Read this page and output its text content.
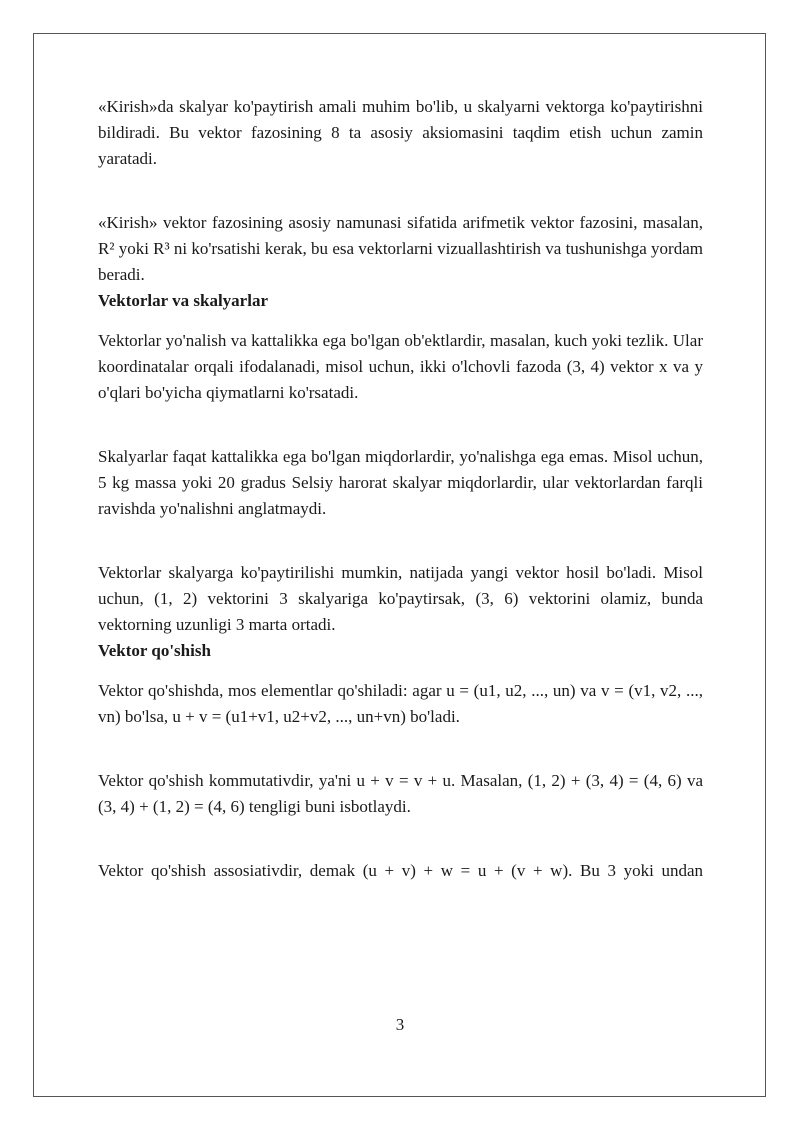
«Kirish»da skalyar ko'paytirish amali muhim bo'lib, u skalyarni vektorga ko'paytirishni bildiradi. Bu vektor fazosining 8 ta asosiy aksiomasini taqdim etish uchun zamin yaratadi.

«Kirish» vektor fazosining asosiy namunasi sifatida arifmetik vektor fazosini, masalan, R² yoki R³ ni ko'rsatishi kerak, bu esa vektorlarni vizuallashtirish va tushunishga yordam beradi.

Vektorlar va skalyarlar

Vektorlar yo'nalish va kattalikka ega bo'lgan ob'ektlardir, masalan, kuch yoki tezlik. Ular koordinatalar orqali ifodalanadi, misol uchun, ikki o'lchovli fazoda (3, 4) vektor x va y o'qlari bo'yicha qiymatlarni ko'rsatadi.

Skalyarlar faqat kattalikka ega bo'lgan miqdorlardir, yo'nalishga ega emas. Misol uchun, 5 kg massa yoki 20 gradus Selsiy harorat skalyar miqdorlardir, ular vektorlardan farqli ravishda yo'nalishni anglatmaydi.

Vektorlar skalyarga ko'paytirilishi mumkin, natijada yangi vektor hosil bo'ladi. Misol uchun, (1, 2) vektorini 3 skalyariga ko'paytirsak, (3, 6) vektorini olamiz, bunda vektorning uzunligi 3 marta ortadi.

Vektor qo'shish

Vektor qo'shishda, mos elementlar qo'shiladi: agar u = (u1, u2, ..., un) va v = (v1, v2, ..., vn) bo'lsa, u + v = (u1+v1, u2+v2, ..., un+vn) bo'ladi.

Vektor qo'shish kommutativdir, ya'ni u + v = v + u. Masalan, (1, 2) + (3, 4) = (4, 6) va (3, 4) + (1, 2) = (4, 6) tengligi buni isbotlaydi.

Vektor qo'shish assosiativdir, demak (u + v) + w = u + (v + w). Bu 3 yoki undan

3
